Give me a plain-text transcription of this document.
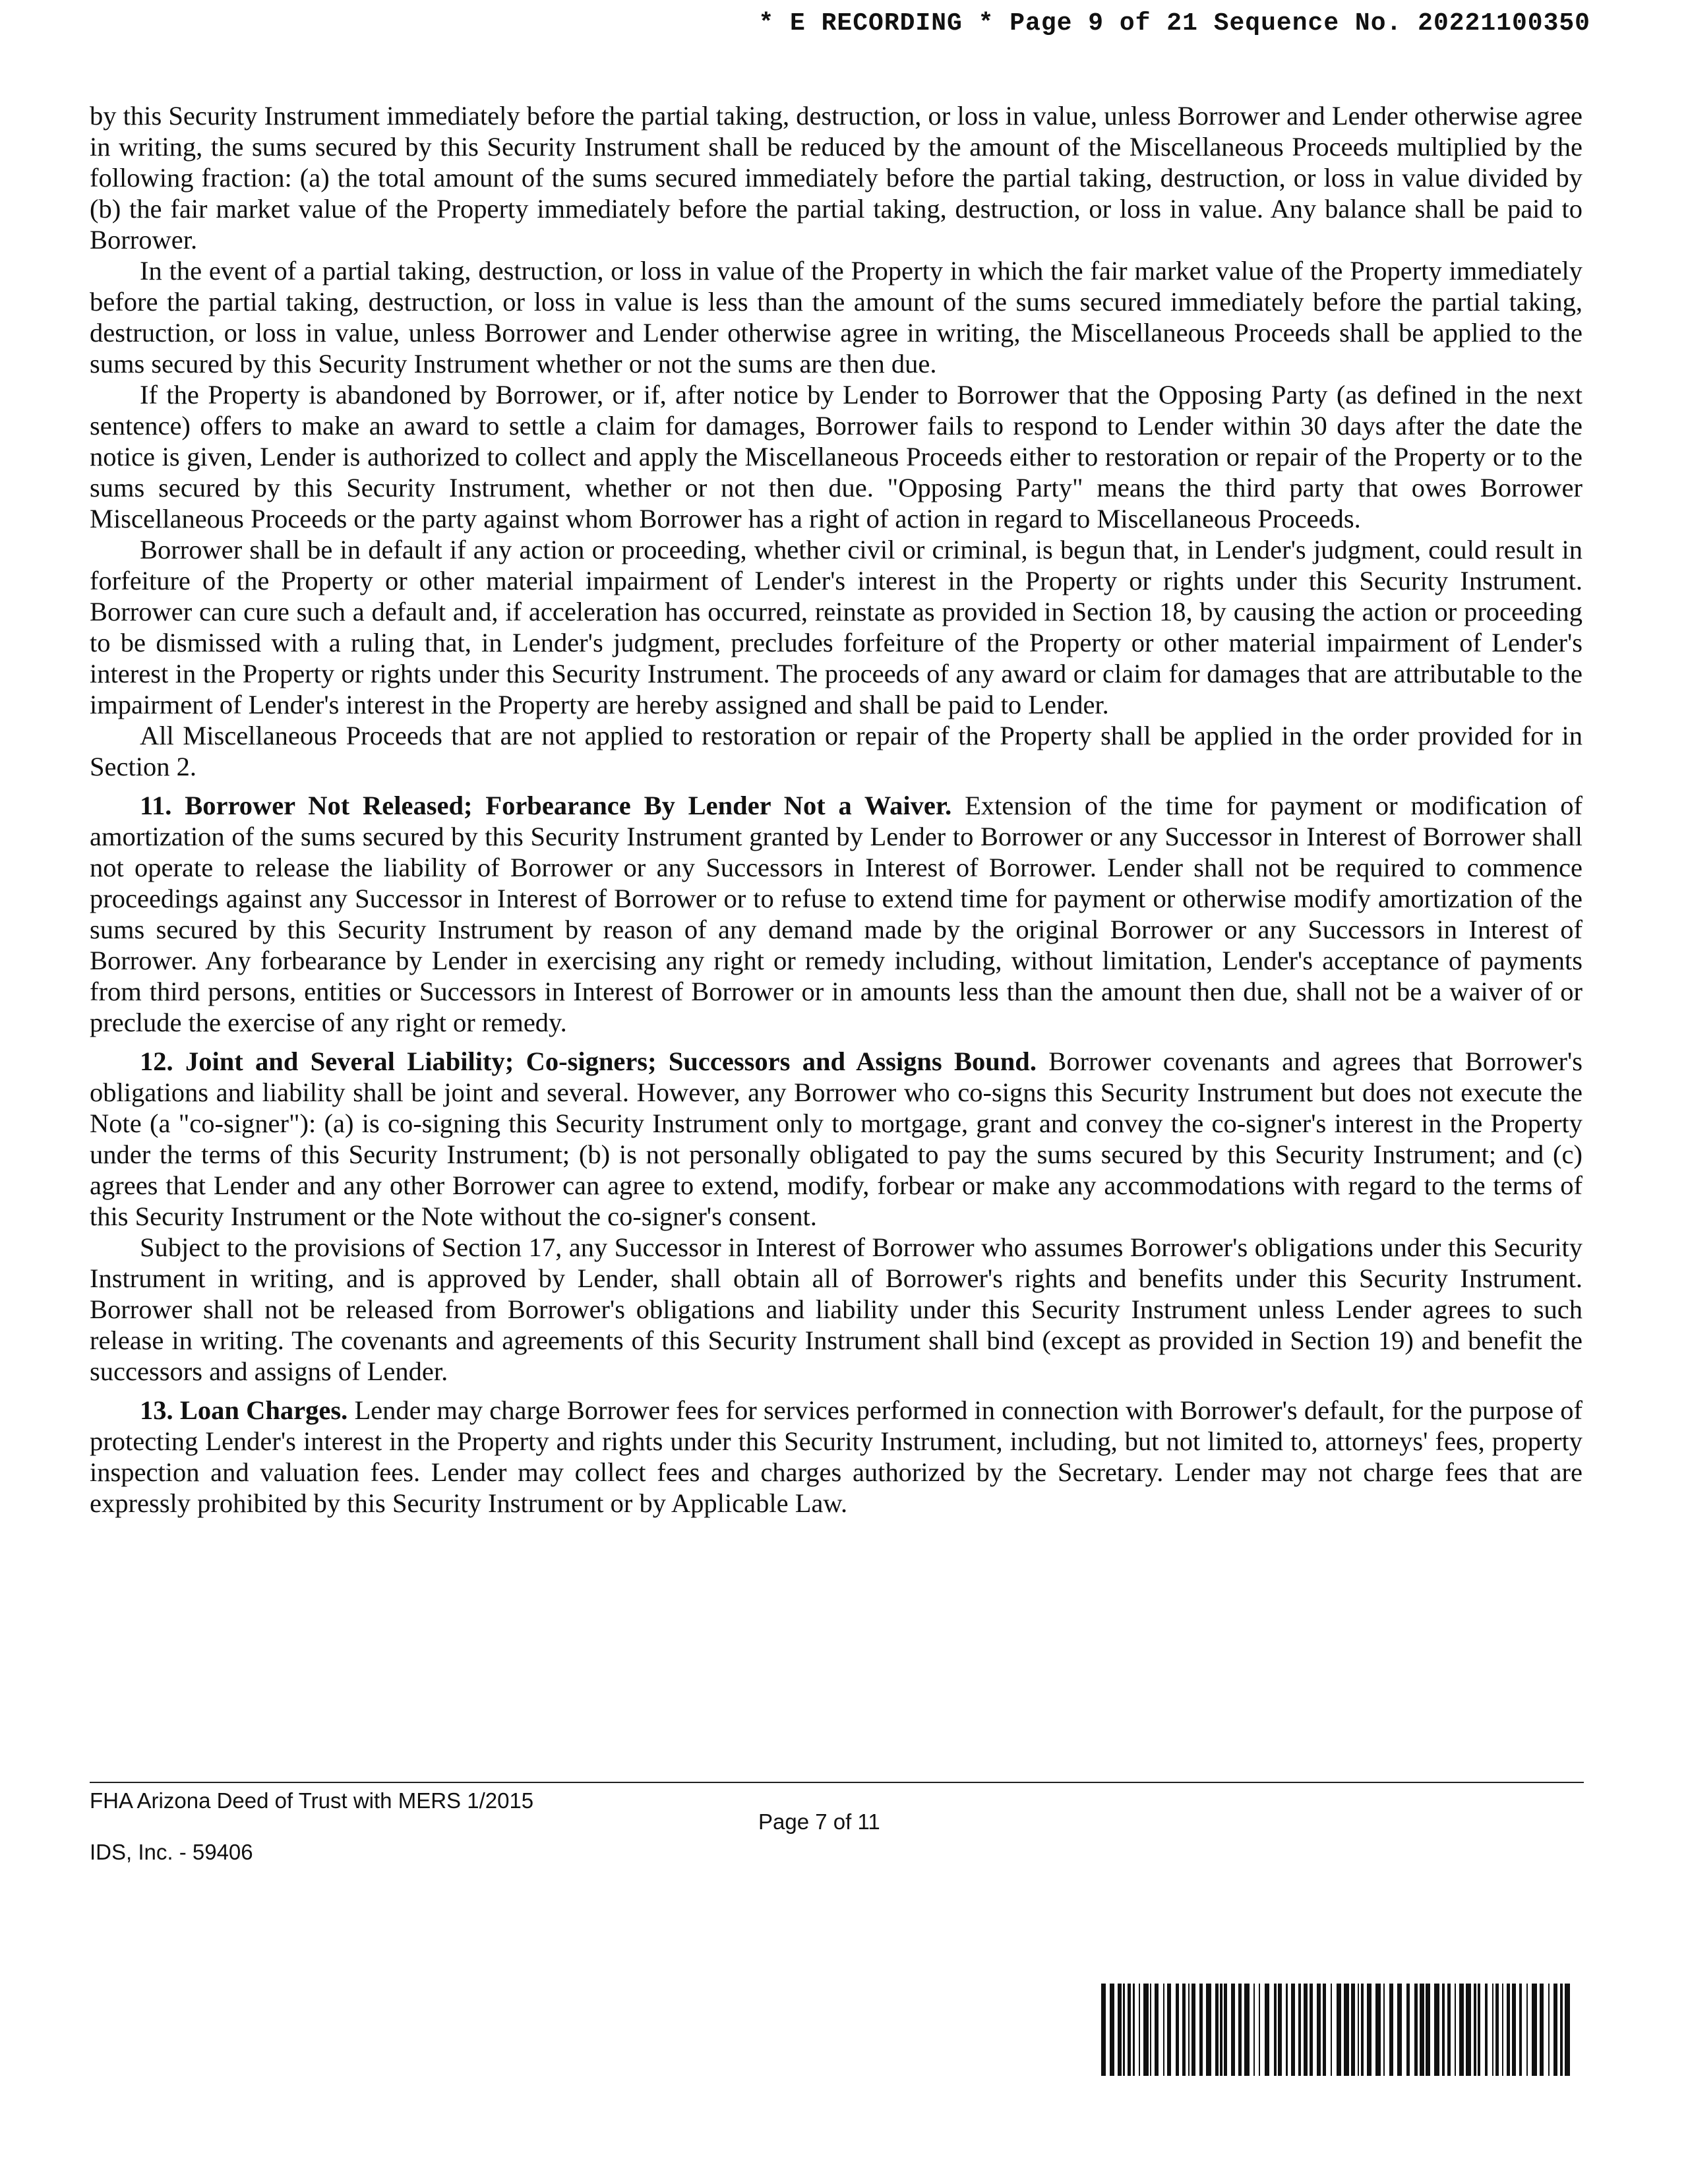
* E RECORDING * Page 9 of 21 Sequence No. 20221100350

by this Security Instrument immediately before the partial taking, destruction, or loss in value, unless Borrower and Lender otherwise agree in writing, the sums secured by this Security Instrument shall be reduced by the amount of the Miscellaneous Proceeds multiplied by the following fraction: (a) the total amount of the sums secured immediately before the partial taking, destruction, or loss in value divided by (b) the fair market value of the Property immediately before the partial taking, destruction, or loss in value. Any balance shall be paid to Borrower.

In the event of a partial taking, destruction, or loss in value of the Property in which the fair market value of the Property immediately before the partial taking, destruction, or loss in value is less than the amount of the sums secured immediately before the partial taking, destruction, or loss in value, unless Borrower and Lender otherwise agree in writing, the Miscellaneous Proceeds shall be applied to the sums secured by this Security Instrument whether or not the sums are then due.

If the Property is abandoned by Borrower, or if, after notice by Lender to Borrower that the Opposing Party (as defined in the next sentence) offers to make an award to settle a claim for damages, Borrower fails to respond to Lender within 30 days after the date the notice is given, Lender is authorized to collect and apply the Miscellaneous Proceeds either to restoration or repair of the Property or to the sums secured by this Security Instrument, whether or not then due. "Opposing Party" means the third party that owes Borrower Miscellaneous Proceeds or the party against whom Borrower has a right of action in regard to Miscellaneous Proceeds.

Borrower shall be in default if any action or proceeding, whether civil or criminal, is begun that, in Lender's judgment, could result in forfeiture of the Property or other material impairment of Lender's interest in the Property or rights under this Security Instrument. Borrower can cure such a default and, if acceleration has occurred, reinstate as provided in Section 18, by causing the action or proceeding to be dismissed with a ruling that, in Lender's judgment, precludes forfeiture of the Property or other material impairment of Lender's interest in the Property or rights under this Security Instrument. The proceeds of any award or claim for damages that are attributable to the impairment of Lender's interest in the Property are hereby assigned and shall be paid to Lender.

All Miscellaneous Proceeds that are not applied to restoration or repair of the Property shall be applied in the order provided for in Section 2.

11. Borrower Not Released; Forbearance By Lender Not a Waiver. Extension of the time for payment or modification of amortization of the sums secured by this Security Instrument granted by Lender to Borrower or any Successor in Interest of Borrower shall not operate to release the liability of Borrower or any Successors in Interest of Borrower. Lender shall not be required to commence proceedings against any Successor in Interest of Borrower or to refuse to extend time for payment or otherwise modify amortization of the sums secured by this Security Instrument by reason of any demand made by the original Borrower or any Successors in Interest of Borrower. Any forbearance by Lender in exercising any right or remedy including, without limitation, Lender's acceptance of payments from third persons, entities or Successors in Interest of Borrower or in amounts less than the amount then due, shall not be a waiver of or preclude the exercise of any right or remedy.

12. Joint and Several Liability; Co-signers; Successors and Assigns Bound. Borrower covenants and agrees that Borrower's obligations and liability shall be joint and several. However, any Borrower who co-signs this Security Instrument but does not execute the Note (a "co-signer"): (a) is co-signing this Security Instrument only to mortgage, grant and convey the co-signer's interest in the Property under the terms of this Security Instrument; (b) is not personally obligated to pay the sums secured by this Security Instrument; and (c) agrees that Lender and any other Borrower can agree to extend, modify, forbear or make any accommodations with regard to the terms of this Security Instrument or the Note without the co-signer's consent.

Subject to the provisions of Section 17, any Successor in Interest of Borrower who assumes Borrower's obligations under this Security Instrument in writing, and is approved by Lender, shall obtain all of Borrower's rights and benefits under this Security Instrument. Borrower shall not be released from Borrower's obligations and liability under this Security Instrument unless Lender agrees to such release in writing. The covenants and agreements of this Security Instrument shall bind (except as provided in Section 19) and benefit the successors and assigns of Lender.

13. Loan Charges. Lender may charge Borrower fees for services performed in connection with Borrower's default, for the purpose of protecting Lender's interest in the Property and rights under this Security Instrument, including, but not limited to, attorneys' fees, property inspection and valuation fees. Lender may collect fees and charges authorized by the Secretary. Lender may not charge fees that are expressly prohibited by this Security Instrument or by Applicable Law.

FHA Arizona Deed of Trust with MERS 1/2015
IDS, Inc. - 59406
Page 7 of 11
